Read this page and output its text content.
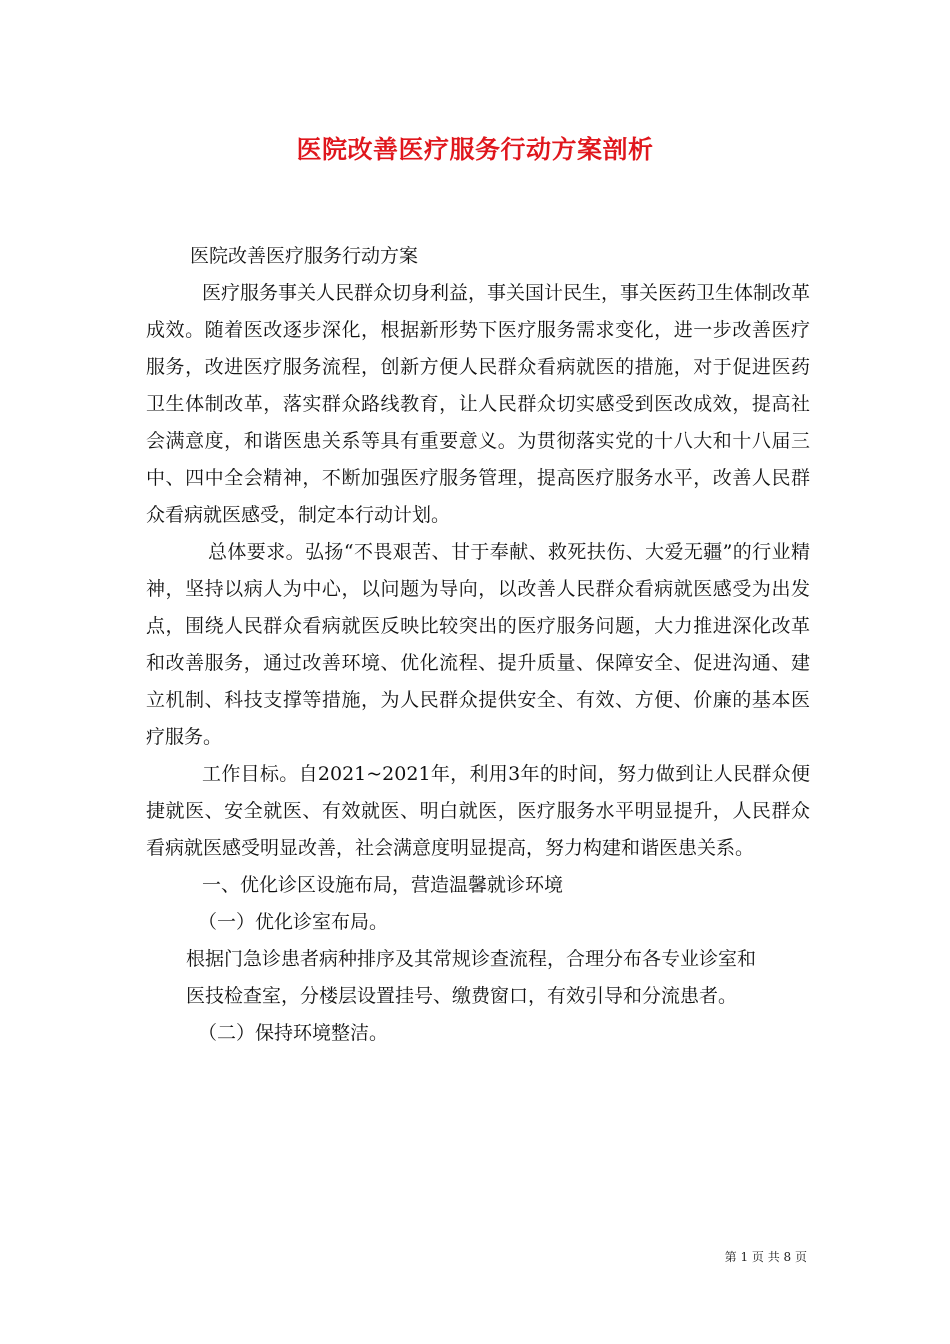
医院改善医疗服务行动方案剖析

医院改善医疗服务行动方案

医疗服务事关人民群众切身利益，事关国计民生，事关医药卫生体制改革成效。随着医改逐步深化，根据新形势下医疗服务需求变化，进一步改善医疗服务，改进医疗服务流程，创新方便人民群众看病就医的措施，对于促进医药卫生体制改革，落实群众路线教育，让人民群众切实感受到医改成效，提高社会满意度，和谐医患关系等具有重要意义。为贯彻落实党的十八大和十八届三中、四中全会精神，不断加强医疗服务管理，提高医疗服务水平，改善人民群众看病就医感受，制定本行动计划。

总体要求。弘扬“不畏艰苦、甘于奉献、救死扶伤、大爱无疆”的行业精神，坚持以病人为中心，以问题为导向，以改善人民群众看病就医感受为出发点，围绕人民群众看病就医反映比较突出的医疗服务问题，大力推进深化改革和改善服务，通过改善环境、优化流程、提升质量、保障安全、促进沟通、建立机制、科技支撑等措施，为人民群众提供安全、有效、方便、价廉的基本医疗服务。

工作目标。自2021~2021年，利用3年的时间，努力做到让人民群众便捷就医、安全就医、有效就医、明白就医，医疗服务水平明显提升，人民群众看病就医感受明显改善，社会满意度明显提高，努力构建和谐医患关系。

一、优化诊区设施布局，营造温馨就诊环境

（一）优化诊室布局。

根据门急诊患者病种排序及其常规诊查流程，合理分布各专业诊室和

医技检查室，分楼层设置挂号、缴费窗口，有效引导和分流患者。

（二）保持环境整洁。

第 1 页 共 8 页
